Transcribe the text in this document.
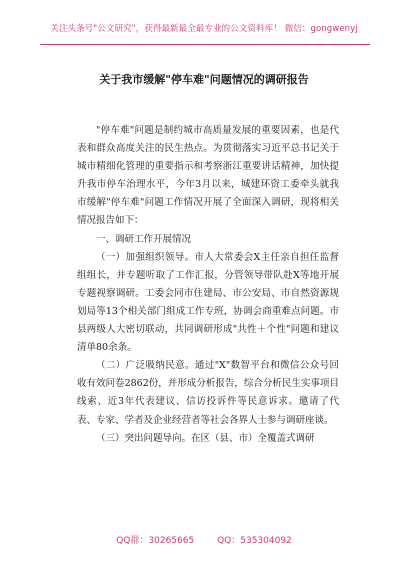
关注头条号"公文研究"，获得最新最全最专业的公文资料库！ 微信：gongwenyj
关于我市缓解"停车难"问题情况的调研报告

"停车难"问题是制约城市高质量发展的重要因素，也是代表和群众高度关注的民生热点。为贯彻落实习近平总书记关于城市精细化管理的重要指示和考察浙江重要讲话精神，加快提升我市停车治理水平，今年3月以来，城建环资工委牵头就我市缓解"停车难"问题工作情况开展了全面深入调研，现将相关情况报告如下：

一、调研工作开展情况

（一）加强组织领导。市人大常委会X主任亲自担任监督组组长，并专题听取了工作汇报，分管领导带队赴X等地开展专题视察调研。工委会同市住建局、市公安局、市自然资源规划局等13个相关部门组成工作专班，协调会商重难点问题。市县两级人大密切联动，共同调研形成"共性＋个性"问题和建议清单80余条。

（二）广泛吸纳民意。通过"X"数智平台和微信公众号回收有效问卷2862份，并形成分析报告，综合分析民生实事项目线索、近3年代表建议、信访投诉件等民意诉求。邀请了代表、专家、学者及企业经营者等社会各界人士参与调研座谈。

（三）突出问题导向。在区（县、市）全覆盖式调研

QQ群：30265665	QQ：535304092
